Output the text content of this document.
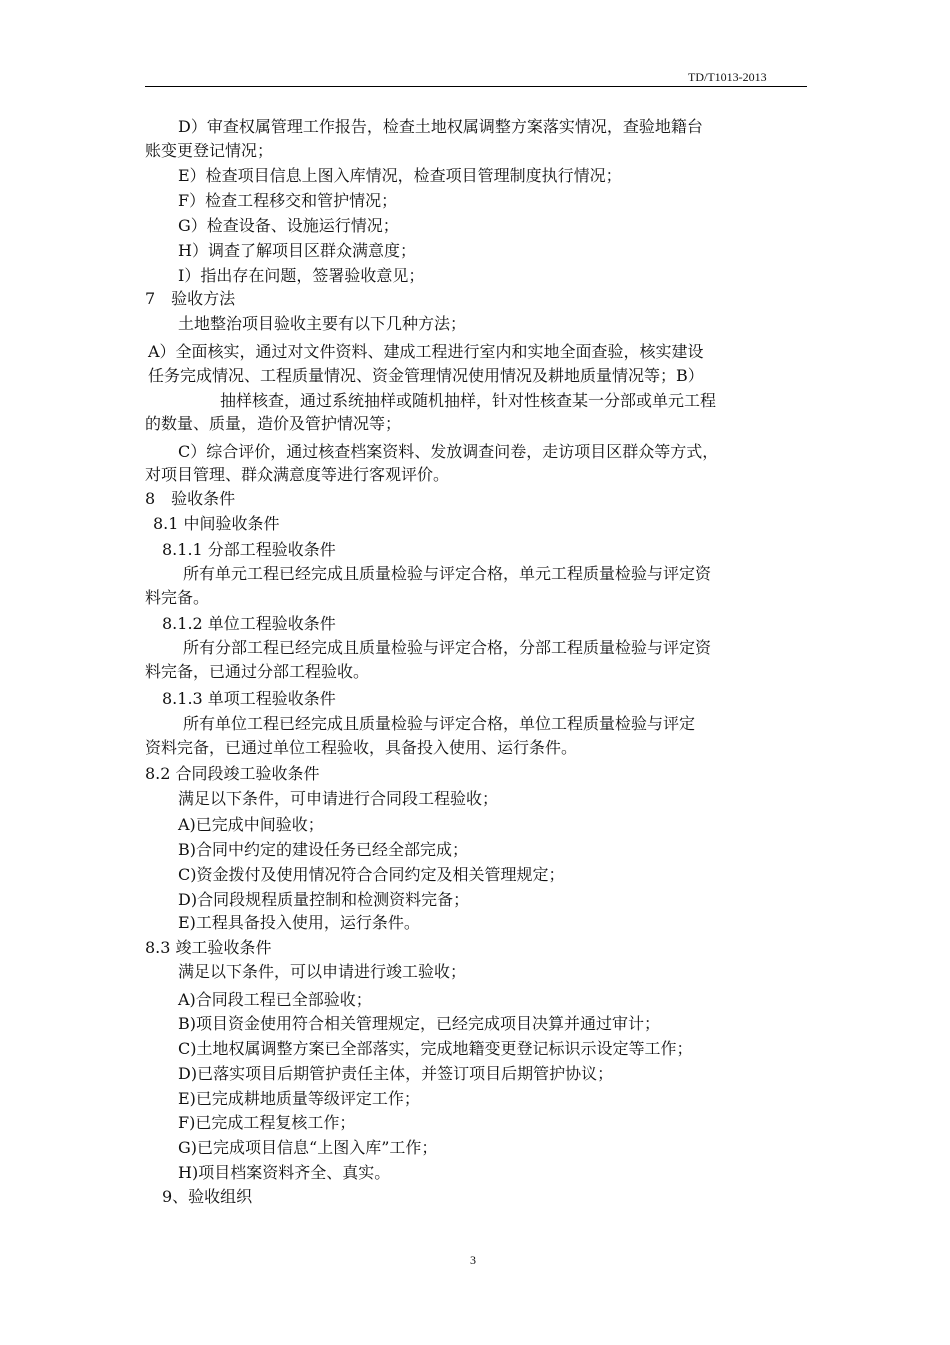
TD/T1013-2013
D）审查权属管理工作报告，检查土地权属调整方案落实情况，查验地籍台
账变更登记情况；
E）检查项目信息上图入库情况，检查项目管理制度执行情况；
F）检查工程移交和管护情况；
G）检查设备、设施运行情况；
H）调查了解项目区群众满意度；
I）指出存在问题，签署验收意见；
7　验收方法
土地整治项目验收主要有以下几种方法；
A）全面核实，通过对文件资料、建成工程进行室内和实地全面查验，核实建设
任务完成情况、工程质量情况、资金管理情况使用情况及耕地质量情况等；B）
抽样核查，通过系统抽样或随机抽样，针对性核查某一分部或单元工程
的数量、质量，造价及管护情况等；
C）综合评价，通过核查档案资料、发放调查问卷，走访项目区群众等方式，
对项目管理、群众满意度等进行客观评价。
8　验收条件
8.1 中间验收条件
8.1.1 分部工程验收条件
所有单元工程已经完成且质量检验与评定合格，单元工程质量检验与评定资
料完备。
8.1.2 单位工程验收条件
所有分部工程已经完成且质量检验与评定合格，分部工程质量检验与评定资
料完备，已通过分部工程验收。
8.1.3 单项工程验收条件
所有单位工程已经完成且质量检验与评定合格，单位工程质量检验与评定
资料完备，已通过单位工程验收，具备投入使用、运行条件。
8.2 合同段竣工验收条件
满足以下条件，可申请进行合同段工程验收；
A)已完成中间验收；
B)合同中约定的建设任务已经全部完成；
C)资金拨付及使用情况符合合同约定及相关管理规定；
D)合同段规程质量控制和检测资料完备；
E)工程具备投入使用，运行条件。
8.3 竣工验收条件
满足以下条件，可以申请进行竣工验收；
A)合同段工程已全部验收；
B)项目资金使用符合相关管理规定，已经完成项目决算并通过审计；
C)土地权属调整方案已全部落实，完成地籍变更登记标识示设定等工作；
D)已落实项目后期管护责任主体，并签订项目后期管护协议；
E)已完成耕地质量等级评定工作；
F)已完成工程复核工作；
G)已完成项目信息“上图入库”工作；
H)项目档案资料齐全、真实。
9、验收组织
3
